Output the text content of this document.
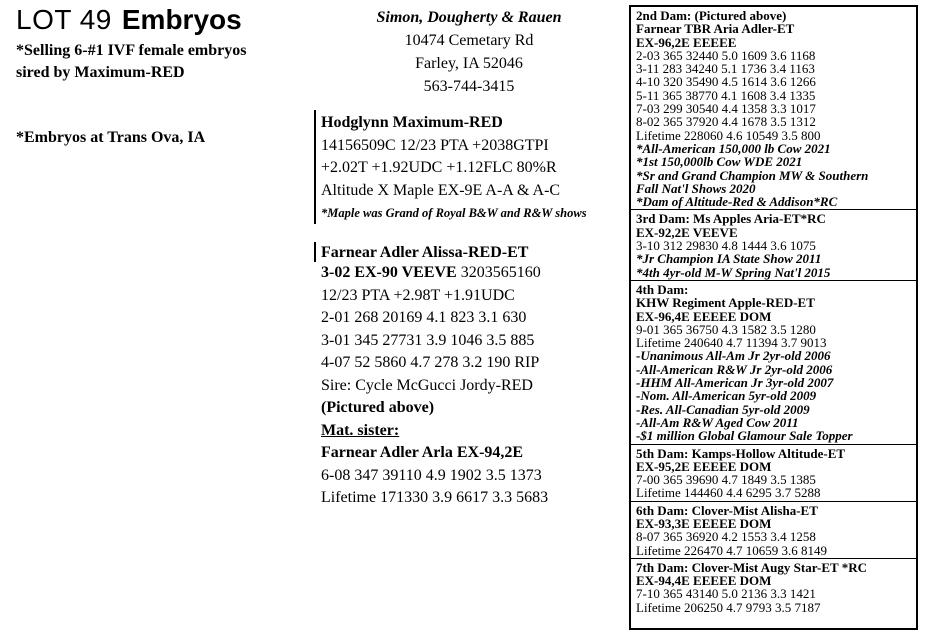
LOT 49 Embryos
*Selling 6-#1 IVF female embryos
sired by Maximum-RED
*Embryos at Trans Ova, IA
Simon, Dougherty & Rauen
10474 Cemetary Rd
Farley, IA 52046
563-744-3415
Hodglynn Maximum-RED
14156509C 12/23 PTA +2038GTPI
+2.02T +1.92UDC +1.12FLC 80%R
Altitude X Maple EX-9E A-A & A-C
*Maple was Grand of Royal B&W and R&W shows
Farnear Adler Alissa-RED-ET
3-02 EX-90 VEEVE 3203565160
12/23 PTA +2.98T +1.91UDC
2-01 268 20169 4.1 823 3.1 630
3-01 345 27731 3.9 1046 3.5 885
4-07 52 5860 4.7 278 3.2 190 RIP
Sire: Cycle McGucci Jordy-RED
(Pictured above)
Mat. sister:
Farnear Adler Arla EX-94,2E
6-08 347 39110 4.9 1902 3.5 1373
Lifetime 171330 3.9 6617 3.3 5683
2nd Dam: (Pictured above)
Farnear TBR Aria Adler-ET
EX-96,2E EEEEE
2-03 365 32440 5.0 1609 3.6 1168
3-11 283 34240 5.1 1736 3.4 1163
4-10 320 35490 4.5 1614 3.6 1266
5-11 365 38770 4.1 1608 3.4 1335
7-03 299 30540 4.4 1358 3.3 1017
8-02 365 37920 4.4 1678 3.5 1312
Lifetime 228060 4.6 10549 3.5 800
*All-American 150,000 lb Cow 2021
*1st 150,000lb Cow WDE 2021
*Sr and Grand Champion MW & Southern
Fall Nat'l Shows 2020
*Dam of Altitude-Red & Addison*RC
3rd Dam: Ms Apples Aria-ET*RC
EX-92,2E VEEVE
3-10 312 29830 4.8 1444 3.6 1075
*Jr Champion IA State Show 2011
*4th 4yr-old M-W Spring Nat'l 2015
4th Dam:
KHW Regiment Apple-RED-ET
EX-96,4E EEEEE DOM
9-01 365 36750 4.3 1582 3.5 1280
Lifetime 240640 4.7 11394 3.7 9013
-Unanimous All-Am Jr 2yr-old 2006
-All-American R&W Jr 2yr-old 2006
-HHM All-American Jr 3yr-old 2007
-Nom. All-American 5yr-old 2009
-Res. All-Canadian 5yr-old 2009
-All-Am R&W Aged Cow 2011
-$1 million Global Glamour Sale Topper
5th Dam: Kamps-Hollow Altitude-ET
EX-95,2E EEEEE DOM
7-00 365 39690 4.7 1849 3.5 1385
Lifetime 144460 4.4 6295 3.7 5288
6th Dam: Clover-Mist Alisha-ET
EX-93,3E EEEEE DOM
8-07 365 36920 4.2 1553 3.4 1258
Lifetime 226470 4.7 10659 3.6 8149
7th Dam: Clover-Mist Augy Star-ET *RC
EX-94,4E EEEEE DOM
7-10 365 43140 5.0 2136 3.3 1421
Lifetime 206250 4.7 9793 3.5 7187
